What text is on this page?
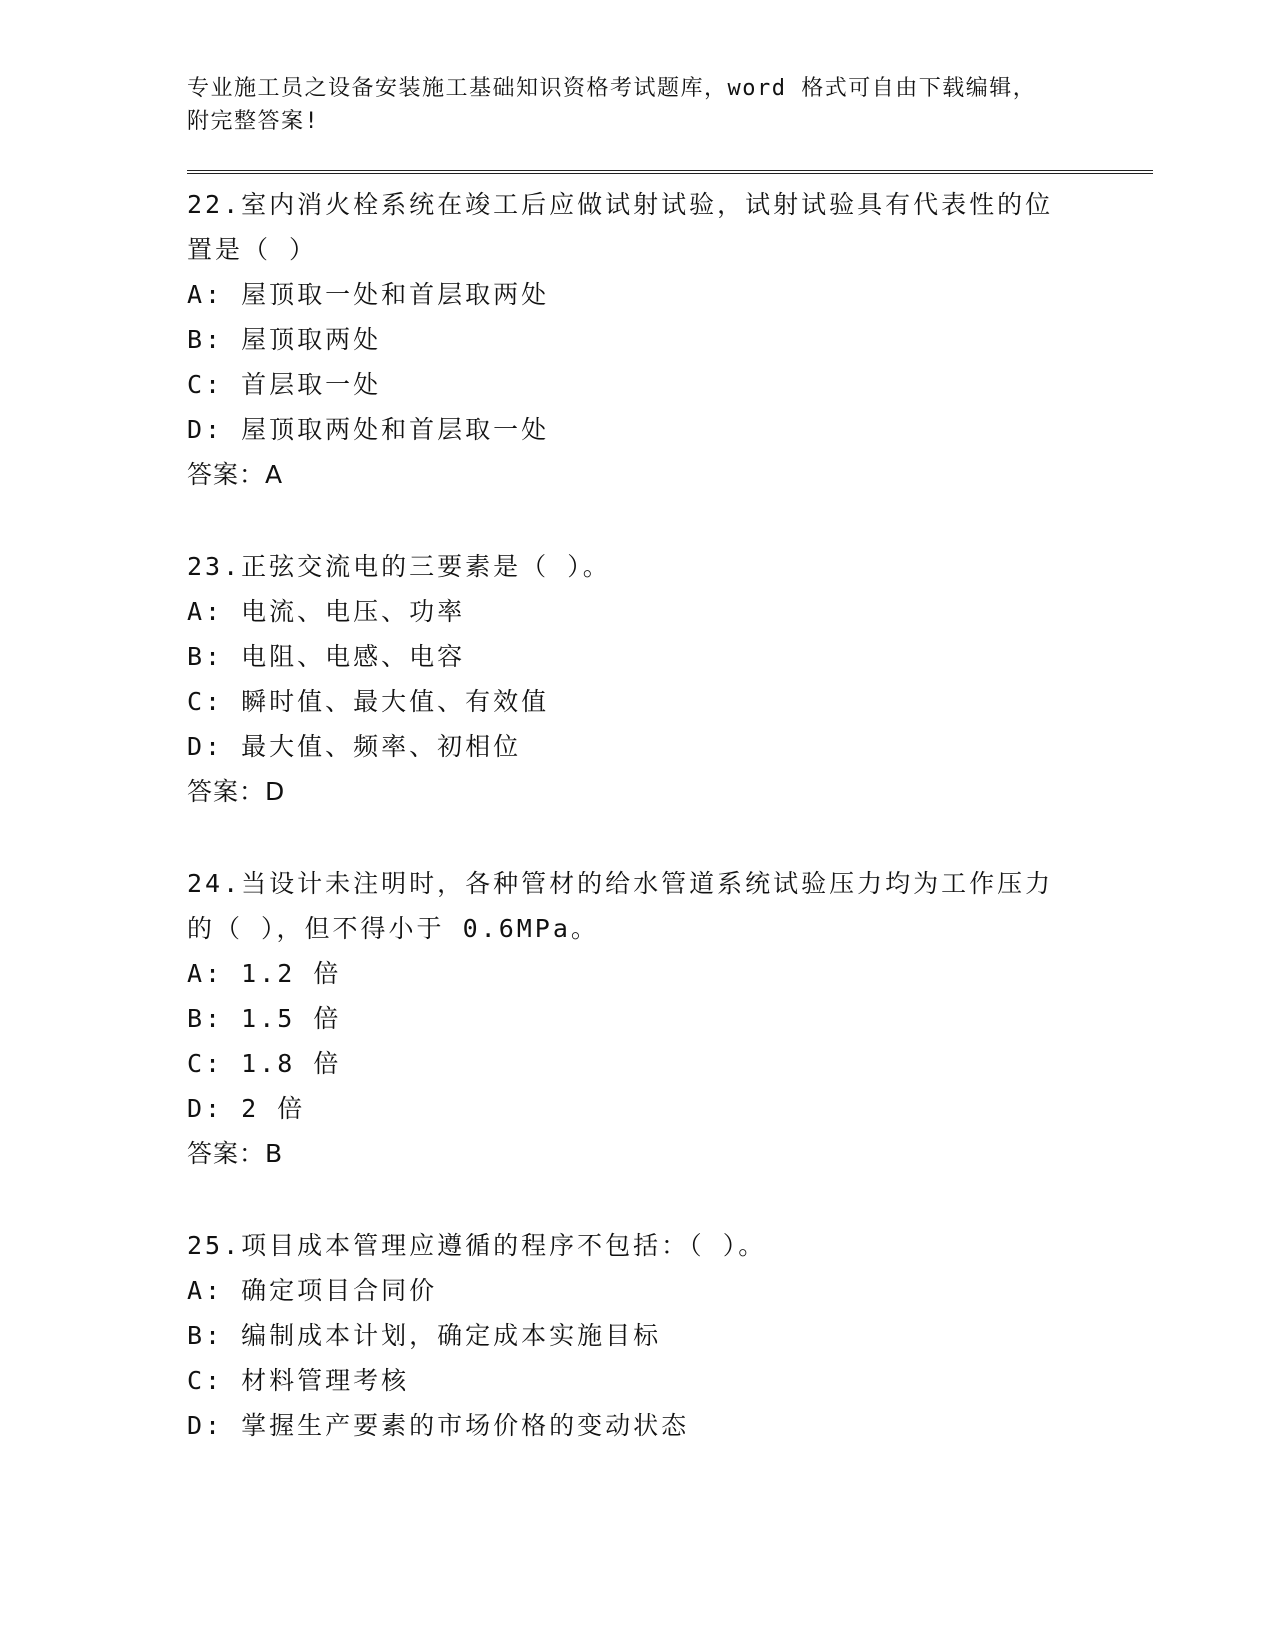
专业施工员之设备安装施工基础知识资格考试题库，word 格式可自由下载编辑，
附完整答案!
22.室内消火栓系统在竣工后应做试射试验，试射试验具有代表性的位
置是（ ）
A: 屋顶取一处和首层取两处
B: 屋顶取两处
C: 首层取一处
D: 屋顶取两处和首层取一处
答案：A
23.正弦交流电的三要素是（ ）。
A: 电流、电压、功率
B: 电阻、电感、电容
C: 瞬时值、最大值、有效值
D: 最大值、频率、初相位
答案：D
24.当设计未注明时，各种管材的给水管道系统试验压力均为工作压力
的（ ），但不得小于 0.6MPa。
A: 1.2 倍
B: 1.5 倍
C: 1.8 倍
D: 2 倍
答案：B
25.项目成本管理应遵循的程序不包括：（ ）。
A: 确定项目合同价
B: 编制成本计划，确定成本实施目标
C: 材料管理考核
D: 掌握生产要素的市场价格的变动状态
